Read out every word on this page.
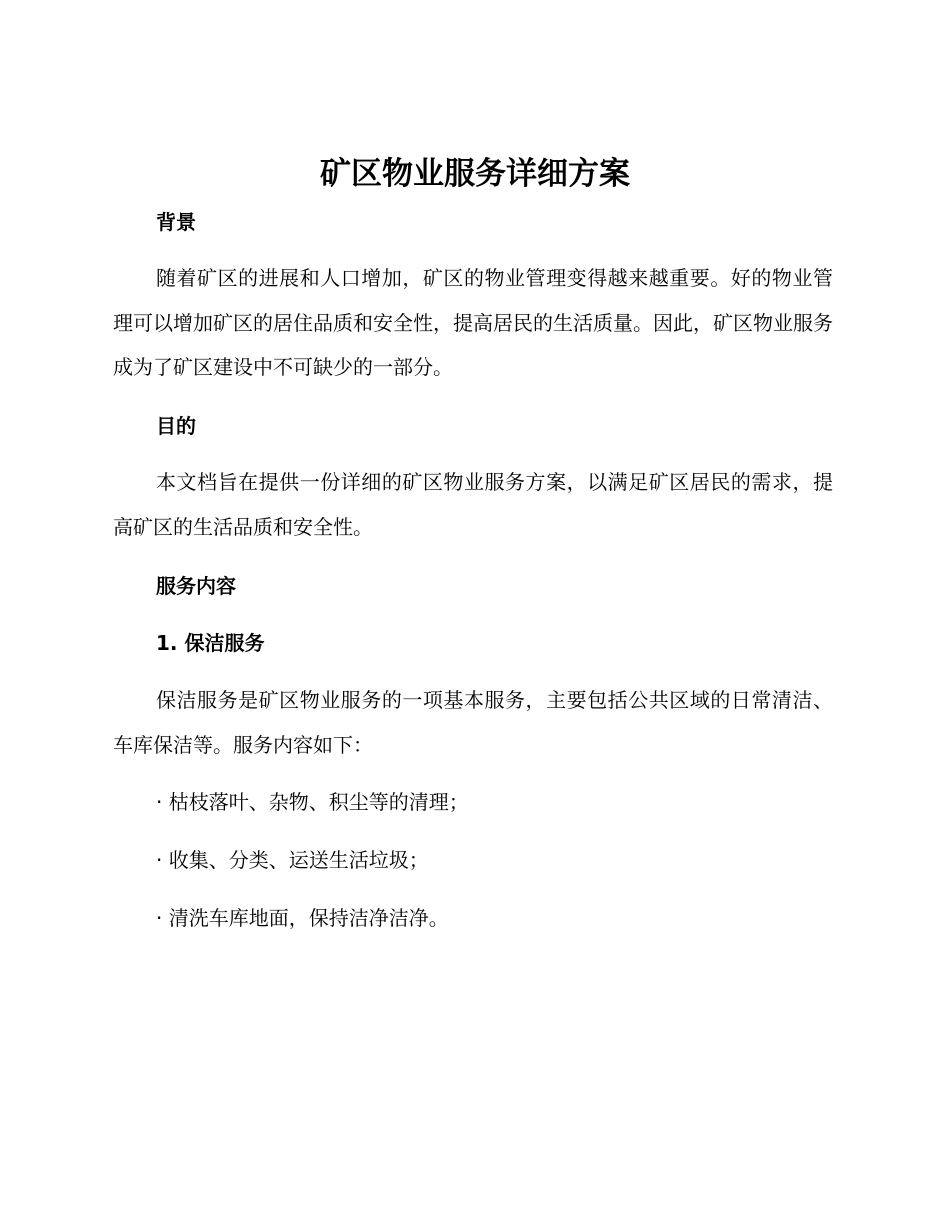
矿区物业服务详细方案
背景

随着矿区的进展和人口增加，矿区的物业管理变得越来越重要。好的物业管理可以增加矿区的居住品质和安全性，提高居民的生活质量。因此，矿区物业服务成为了矿区建设中不可缺少的一部分。

目的

本文档旨在提供一份详细的矿区物业服务方案，以满足矿区居民的需求，提高矿区的生活品质和安全性。

服务内容
1. 保洁服务

保洁服务是矿区物业服务的一项基本服务，主要包括公共区域的日常清洁、车库保洁等。服务内容如下：

· 枯枝落叶、杂物、积尘等的清理；

· 收集、分类、运送生活垃圾；

· 清洗车库地面，保持洁净洁净。
